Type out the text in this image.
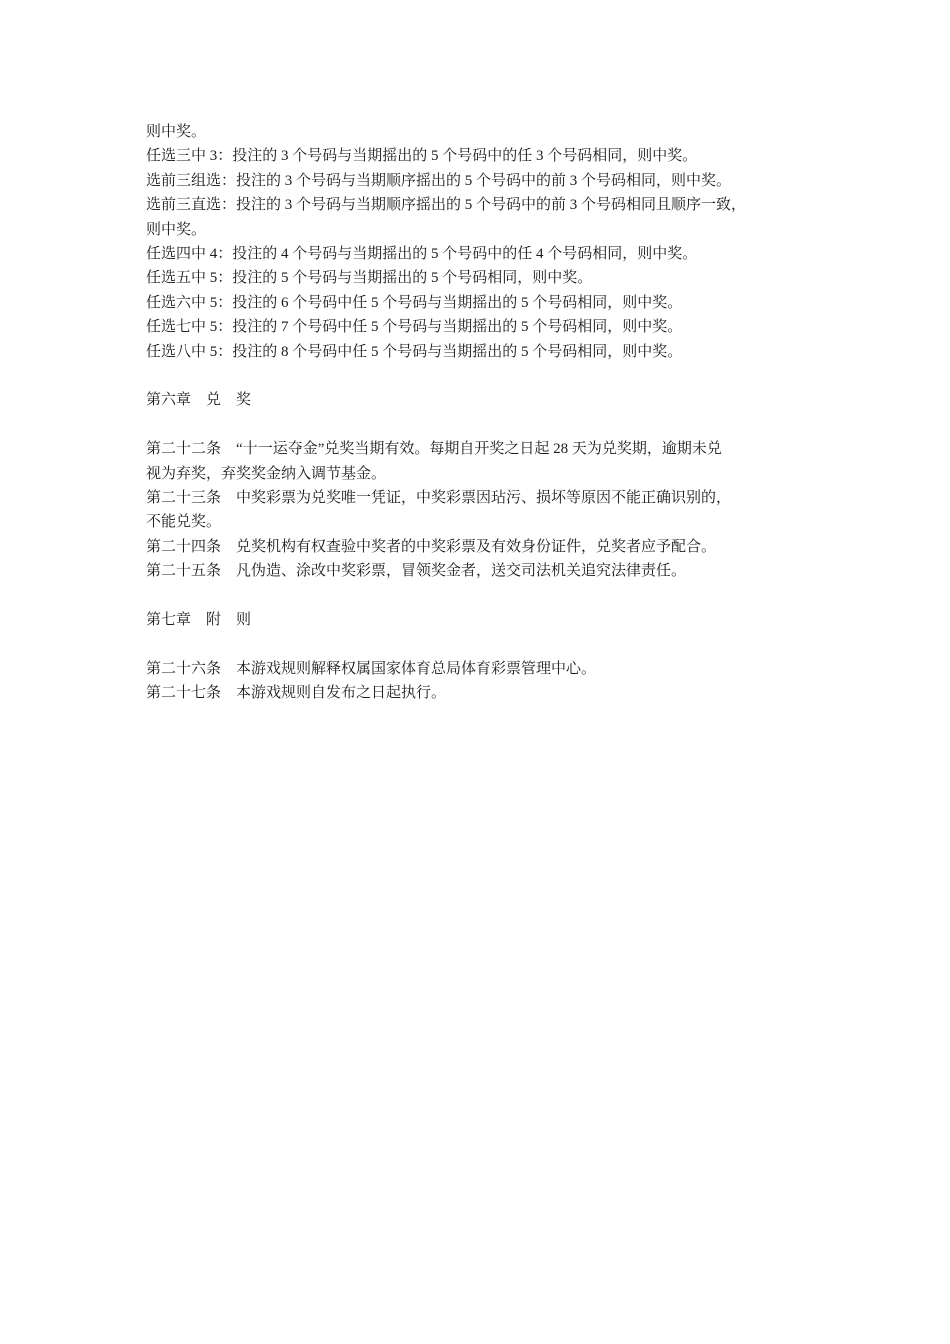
则中奖。
任选三中 3：投注的 3 个号码与当期摇出的 5 个号码中的任 3 个号码相同，则中奖。
选前三组选：投注的 3 个号码与当期顺序摇出的 5 个号码中的前 3 个号码相同，则中奖。
选前三直选：投注的 3 个号码与当期顺序摇出的 5 个号码中的前 3 个号码相同且顺序一致，
则中奖。
任选四中 4：投注的 4 个号码与当期摇出的 5 个号码中的任 4 个号码相同，则中奖。
任选五中 5：投注的 5 个号码与当期摇出的 5 个号码相同，则中奖。
任选六中 5：投注的 6 个号码中任 5 个号码与当期摇出的 5 个号码相同，则中奖。
任选七中 5：投注的 7 个号码中任 5 个号码与当期摇出的 5 个号码相同，则中奖。
任选八中 5：投注的 8 个号码中任 5 个号码与当期摇出的 5 个号码相同，则中奖。
第六章　兑　奖
第二十二条　 “十一运夺金”兑奖当期有效。每期自开奖之日起 28 天为兑奖期，逾期未兑
视为弃奖，弃奖奖金纳入调节基金。
第二十三条　 中奖彩票为兑奖唯一凭证，中奖彩票因玷污、损坏等原因不能正确识别的，
不能兑奖。
第二十四条　 兑奖机构有权查验中奖者的中奖彩票及有效身份证件，兑奖者应予配合。
第二十五条　 凡伪造、涂改中奖彩票，冒领奖金者，送交司法机关追究法律责任。
第七章　附　则
第二十六条　 本游戏规则解释权属国家体育总局体育彩票管理中心。
第二十七条　 本游戏规则自发布之日起执行。
